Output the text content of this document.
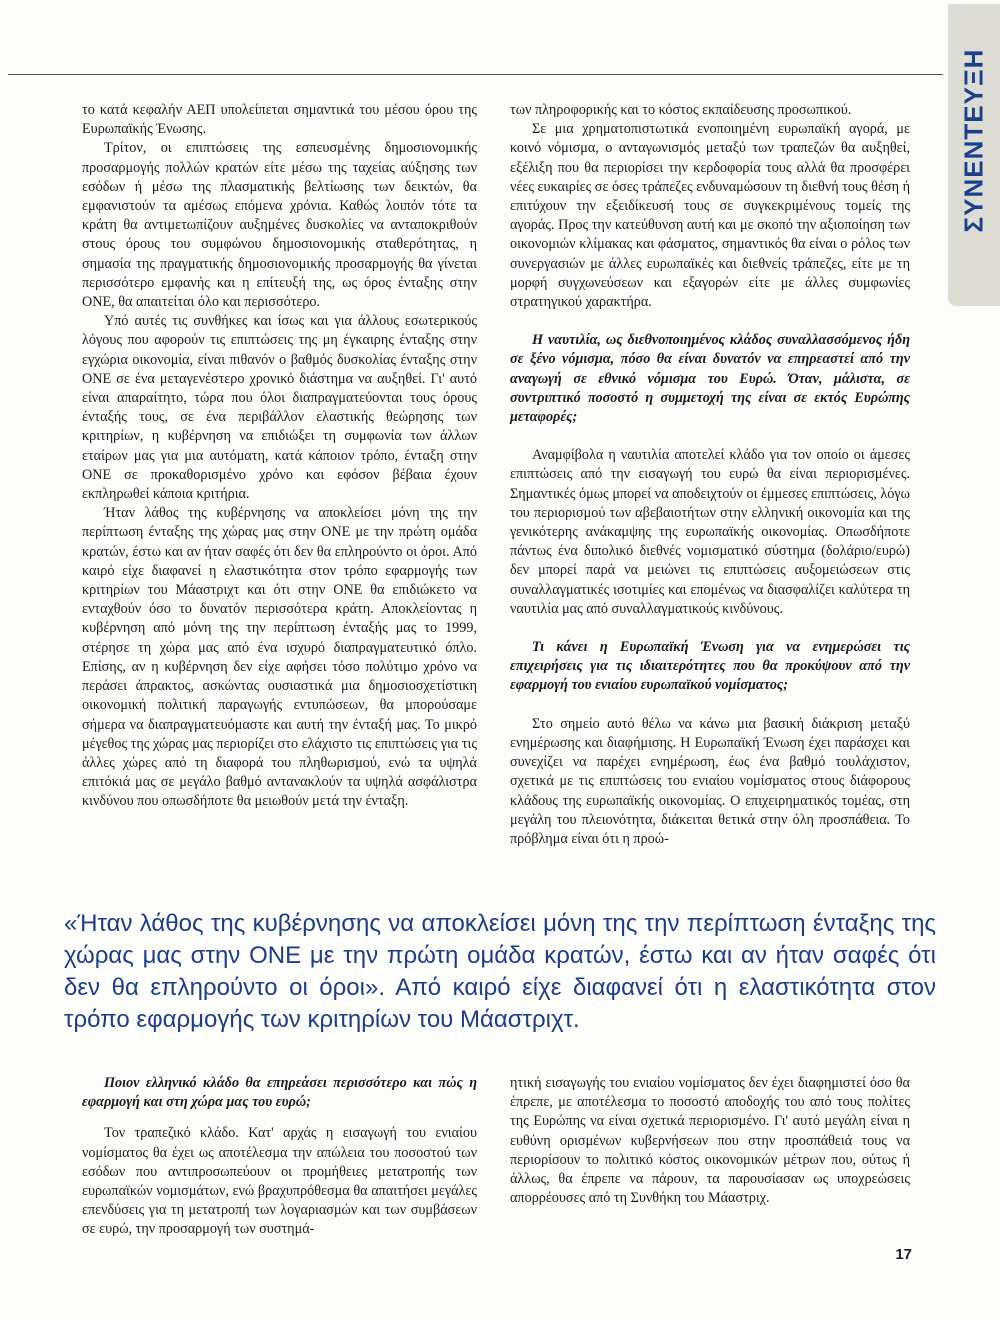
ΣΥΝΕΝΤΕΥΞΗ

το κατά κεφαλήν ΑΕΠ υπολείπεται σημαντικά του μέσου όρου της Ευρωπαϊκής Ένωσης.

Τρίτον, οι επιπτώσεις της εσπευσμένης δημοσιονομικής προσαρμογής πολλών κρατών είτε μέσω της ταχείας αύξησης των εσόδων ή μέσω της πλασματικής βελτίωσης των δεικτών, θα εμφανιστούν τα αμέσως επόμενα χρόνια. Καθώς λοιπόν τότε τα κράτη θα αντιμετωπίζουν αυξημένες δυσκολίες να ανταποκριθούν στους όρους του συμφώνου δημοσιονομικής σταθερότητας, η σημασία της πραγματικής δημοσιονομικής προσαρμογής θα γίνεται περισσότερο εμφανής και η επίτευξή της, ως όρος ένταξης στην ΟΝΕ, θα απαιτείται όλο και περισσότερο.

Υπό αυτές τις συνθήκες και ίσως και για άλλους εσωτερικούς λόγους που αφορούν τις επιπτώσεις της μη έγκαιρης ένταξης στην εγχώρια οικονομία, είναι πιθανόν ο βαθμός δυσκολίας ένταξης στην ΟΝΕ σε ένα μεταγενέστερο χρονικό διάστημα να αυξηθεί. Γι' αυτό είναι απαραίτητο, τώρα που όλοι διαπραγματεύονται τους όρους ένταξής τους, σε ένα περιβάλλον ελαστικής θεώρησης των κριτηρίων, η κυβέρνηση να επιδιώξει τη συμφωνία των άλλων εταίρων μας για μια αυτόματη, κατά κάποιον τρόπο, ένταξη στην ΟΝΕ σε προκαθορισμένο χρόνο και εφόσον βέβαια έχουν εκπληρωθεί κάποια κριτήρια.

Ήταν λάθος της κυβέρνησης να αποκλείσει μόνη της την περίπτωση ένταξης της χώρας μας στην ΟΝΕ με την πρώτη ομάδα κρατών, έστω και αν ήταν σαφές ότι δεν θα επληρούντο οι όροι. Από καιρό είχε διαφανεί η ελαστικότητα στον τρόπο εφαρμογής των κριτηρίων του Μάαστριχτ και ότι στην ΟΝΕ θα επιδιώκετο να ενταχθούν όσο το δυνατόν περισσότερα κράτη. Αποκλείοντας η κυβέρνηση από μόνη της την περίπτωση ένταξής μας το 1999, στέρησε τη χώρα μας από ένα ισχυρό διαπραγματευτικό όπλο. Επίσης, αν η κυβέρνηση δεν είχε αφήσει τόσο πολύτιμο χρόνο να περάσει άπρακτος, ασκώντας ουσιαστικά μια δημοσιοσχετίστικη οικονομική πολιτική παραγωγής εντυπώσεων, θα μπορούσαμε σήμερα να διαπραγματευόμαστε και αυτή την ένταξή μας. Το μικρό μέγεθος της χώρας μας περιορίζει στο ελάχιστο τις επιπτώσεις για τις άλλες χώρες από τη διαφορά του πληθωρισμού, ενώ τα υψηλά επιτόκιά μας σε μεγάλο βαθμό αντανακλούν τα υψηλά ασφάλιστρα κινδύνου που οπωσδήποτε θα μειωθούν μετά την ένταξη.

των πληροφορικής και το κόστος εκπαίδευσης προσωπικού.

Σε μια χρηματοπιστωτικά ενοποιημένη ευρωπαϊκή αγορά, με κοινό νόμισμα, ο ανταγωνισμός μεταξύ των τραπεζών θα αυξηθεί, εξέλιξη που θα περιορίσει την κερδοφορία τους αλλά θα προσφέρει νέες ευκαιρίες σε όσες τράπεζες ενδυναμώσουν τη διεθνή τους θέση ή επιτύχουν την εξειδίκευσή τους σε συγκεκριμένους τομείς της αγοράς. Προς την κατεύθυνση αυτή και με σκοπό την αξιοποίηση των οικονομιών κλίμακας και φάσματος, σημαντικός θα είναι ο ρόλος των συνεργασιών με άλλες ευρωπαϊκές και διεθνείς τράπεζες, είτε με τη μορφή συγχωνεύσεων και εξαγορών είτε με άλλες συμφωνίες στρατηγικού χαρακτήρα.

Η ναυτιλία, ως διεθνοποιημένος κλάδος συναλλασσόμενος ήδη σε ξένο νόμισμα, πόσο θα είναι δυνατόν να επηρεαστεί από την αναγωγή σε εθνικό νόμισμα του Ευρώ. Όταν, μάλιστα, σε συντριπτικό ποσοστό η συμμετοχή της είναι σε εκτός Ευρώπης μεταφορές;

Αναμφίβολα η ναυτιλία αποτελεί κλάδο για τον οποίο οι άμεσες επιπτώσεις από την εισαγωγή του ευρώ θα είναι περιορισμένες. Σημαντικές όμως μπορεί να αποδειχτούν οι έμμεσες επιπτώσεις, λόγω του περιορισμού των αβεβαιοτήτων στην ελληνική οικονομία και της γενικότερης ανάκαμψης της ευρωπαϊκής οικονομίας. Οπωσδήποτε πάντως ένα διπολικό διεθνές νομισματικό σύστημα (δολάριο/ευρώ) δεν μπορεί παρά να μειώνει τις επιπτώσεις αυξομειώσεων στις συναλλαγματικές ισοτιμίες και επομένως να διασφαλίζει καλύτερα τη ναυτιλία μας από συναλλαγματικούς κινδύνους.

Τι κάνει η Ευρωπαϊκή Ένωση για να ενημερώσει τις επιχειρήσεις για τις ιδιαιτερότητες που θα προκύψουν από την εφαρμογή του ενιαίου ευρωπαϊκού νομίσματος;

Στο σημείο αυτό θέλω να κάνω μια βασική διάκριση μεταξύ ενημέρωσης και διαφήμισης. Η Ευρωπαϊκή Ένωση έχει παράσχει και συνεχίζει να παρέχει ενημέρωση, έως ένα βαθμό τουλάχιστον, σχετικά με τις επιπτώσεις του ενιαίου νομίσματος στους διάφορους κλάδους της ευρωπαϊκής οικονομίας. Ο επιχειρηματικός τομέας, στη μεγάλη του πλειονότητα, διάκειται θετικά στην όλη προσπάθεια. Το πρόβλημα είναι ότι η προώ-

«Ήταν λάθος της κυβέρνησης να αποκλείσει μόνη της την περίπτωση ένταξης της χώρας μας στην ΟΝΕ με την πρώτη ομάδα κρατών, έστω και αν ήταν σαφές ότι δεν θα επληρούντο οι όροι». Από καιρό είχε διαφανεί ότι η ελαστικότητα στον τρόπο εφαρμογής των κριτηρίων του Μάαστριχτ.

Ποιον ελληνικό κλάδο θα επηρεάσει περισσότερο και πώς η εφαρμογή και στη χώρα μας του ευρώ;

Τον τραπεζικό κλάδο. Κατ' αρχάς η εισαγωγή του ενιαίου νομίσματος θα έχει ως αποτέλεσμα την απώλεια του ποσοστού των εσόδων που αντιπροσωπεύουν οι προμήθειες μετατροπής των ευρωπαϊκών νομισμάτων, ενώ βραχυπρόθεσμα θα απαιτήσει μεγάλες επενδύσεις για τη μετατροπή των λογαριασμών και των συμβάσεων σε ευρώ, την προσαρμογή των συστημά-

ητική εισαγωγής του ενιαίου νομίσματος δεν έχει διαφημιστεί όσο θα έπρεπε, με αποτέλεσμα το ποσοστό αποδοχής του από τους πολίτες της Ευρώπης να είναι σχετικά περιορισμένο. Γι' αυτό μεγάλη είναι η ευθύνη ορισμένων κυβερνήσεων που στην προσπάθειά τους να περιορίσουν το πολιτικό κόστος οικονομικών μέτρων που, ούτως ή άλλως, θα έπρεπε να πάρουν, τα παρουσίασαν ως υποχρεώσεις απορρέουσες από τη Συνθήκη του Μάαστριχ.

17
